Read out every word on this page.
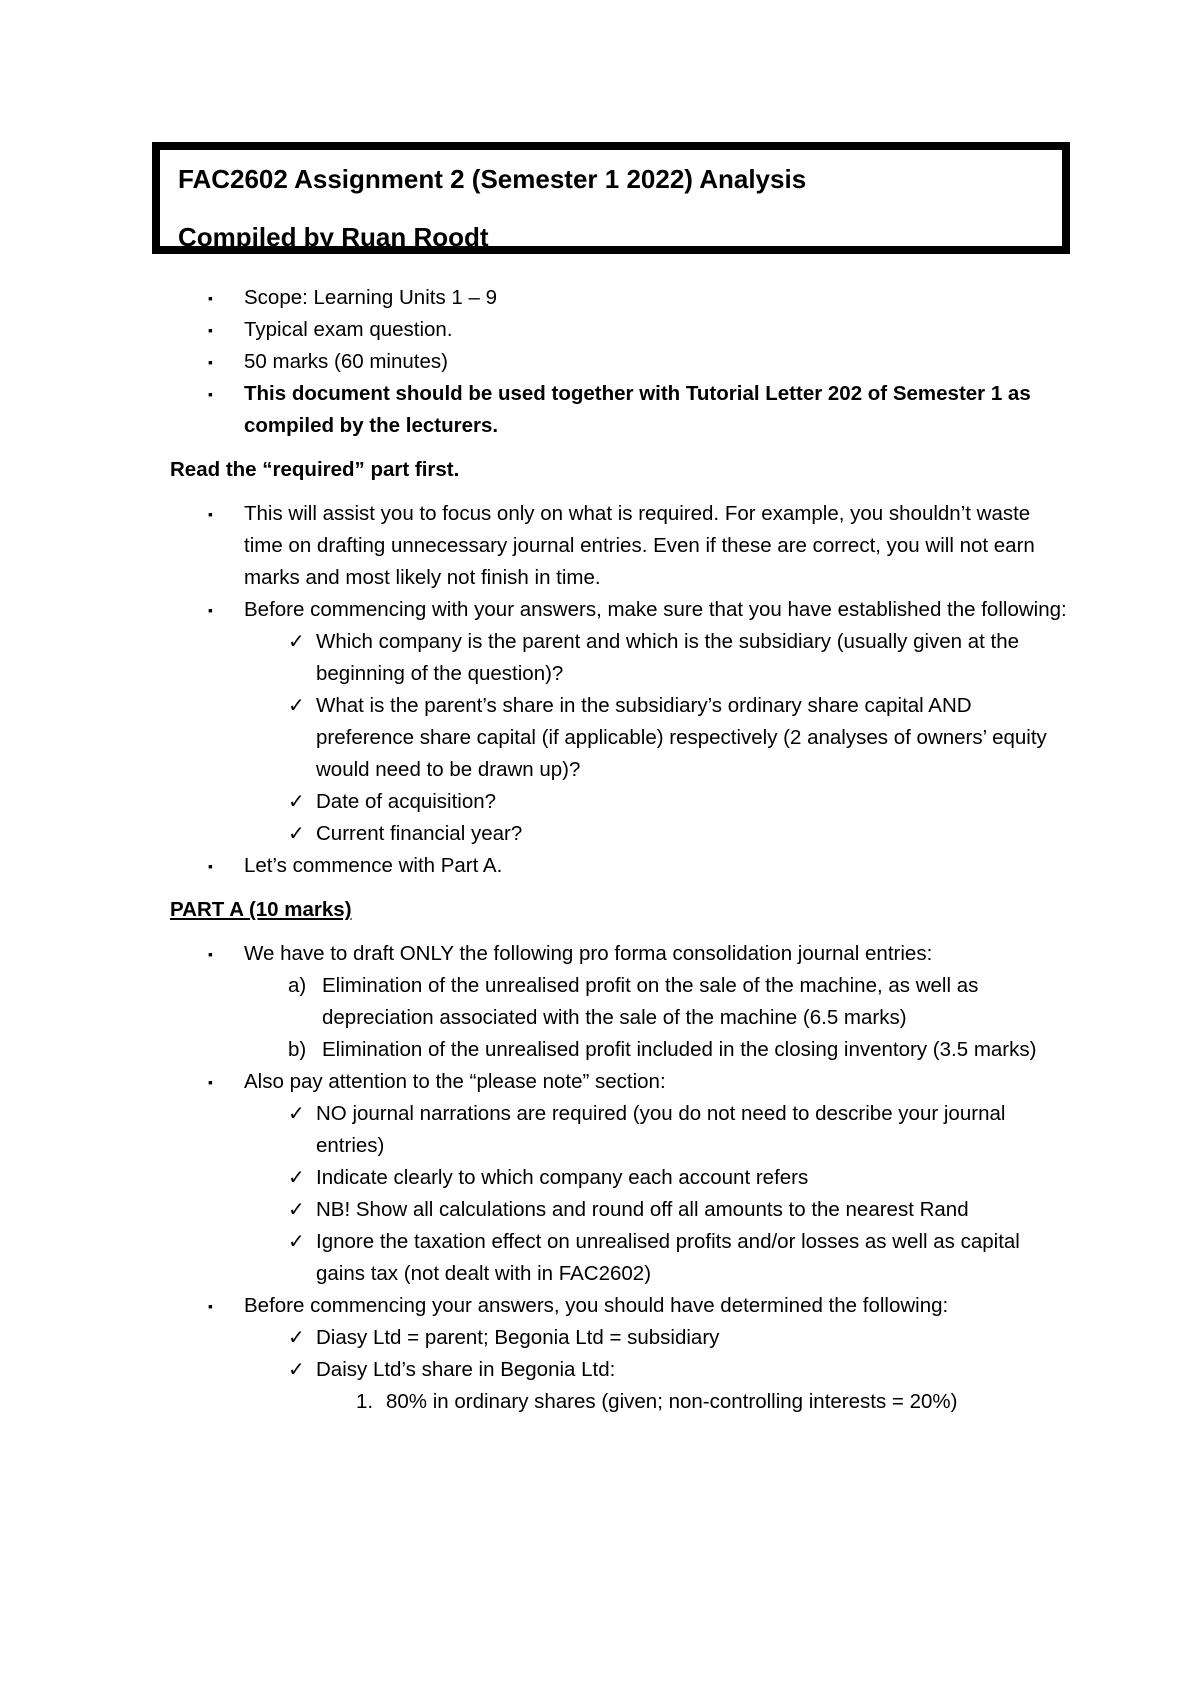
FAC2602 Assignment 2 (Semester 1 2022) Analysis
Compiled by Ruan Roodt
▪ Scope: Learning Units 1 – 9
▪ Typical exam question.
▪ 50 marks (60 minutes)
▪ This document should be used together with Tutorial Letter 202 of Semester 1 as compiled by the lecturers.
Read the “required” part first.
▪ This will assist you to focus only on what is required. For example, you shouldn’t waste time on drafting unnecessary journal entries. Even if these are correct, you will not earn marks and most likely not finish in time.
▪ Before commencing with your answers, make sure that you have established the following:
✓ Which company is the parent and which is the subsidiary (usually given at the beginning of the question)?
✓ What is the parent’s share in the subsidiary’s ordinary share capital AND preference share capital (if applicable) respectively (2 analyses of owners’ equity would need to be drawn up)?
✓ Date of acquisition?
✓ Current financial year?
▪ Let’s commence with Part A.
PART A (10 marks)
▪ We have to draft ONLY the following pro forma consolidation journal entries:
a) Elimination of the unrealised profit on the sale of the machine, as well as depreciation associated with the sale of the machine (6.5 marks)
b) Elimination of the unrealised profit included in the closing inventory (3.5 marks)
▪ Also pay attention to the “please note” section:
✓ NO journal narrations are required (you do not need to describe your journal entries)
✓ Indicate clearly to which company each account refers
✓ NB! Show all calculations and round off all amounts to the nearest Rand
✓ Ignore the taxation effect on unrealised profits and/or losses as well as capital gains tax (not dealt with in FAC2602)
▪ Before commencing your answers, you should have determined the following:
✓ Diasy Ltd = parent; Begonia Ltd = subsidiary
✓ Daisy Ltd’s share in Begonia Ltd:
1. 80% in ordinary shares (given; non-controlling interests = 20%)
